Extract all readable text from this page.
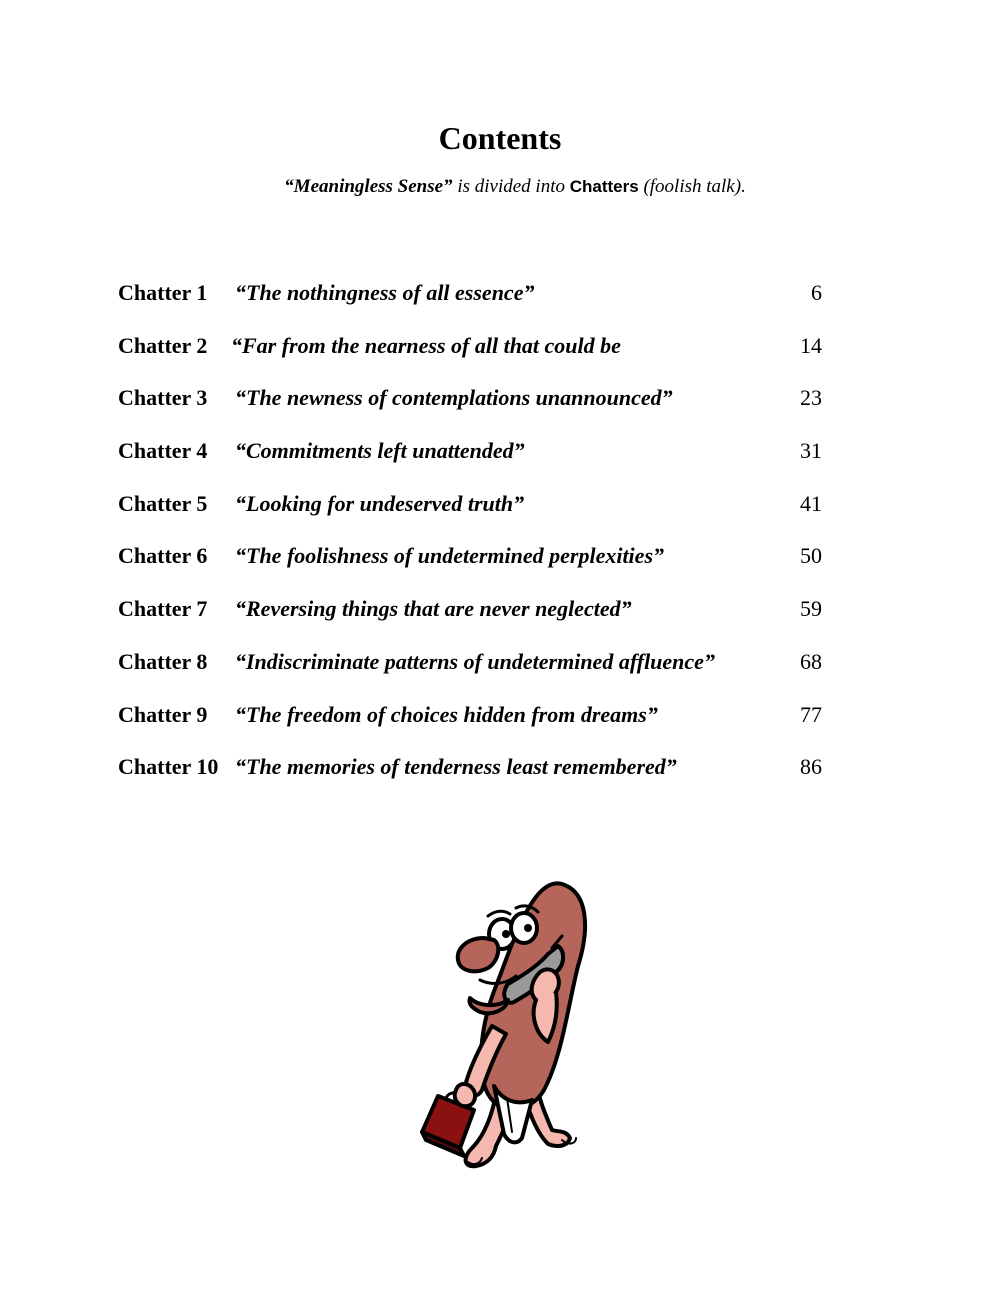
Contents

“Meaningless Sense” is divided into Chatters (foolish talk).

Chatter 1 “The nothingness of all essence”	6
Chatter 2 “Far from the nearness of all that could be	14
Chatter 3 “The newness of contemplations unannounced”	23
Chatter 4 “Commitments left unattended”	31
Chatter 5 “Looking for undeserved truth”	41
Chatter 6 “The foolishness of undetermined perplexities”	50
Chatter 7 “Reversing things that are never neglected”	59
Chatter 8 “Indiscriminate patterns of undetermined affluence”	68
Chatter 9 “The freedom of choices hidden from dreams”	77
Chatter 10 “The memories of tenderness least remembered”	86
